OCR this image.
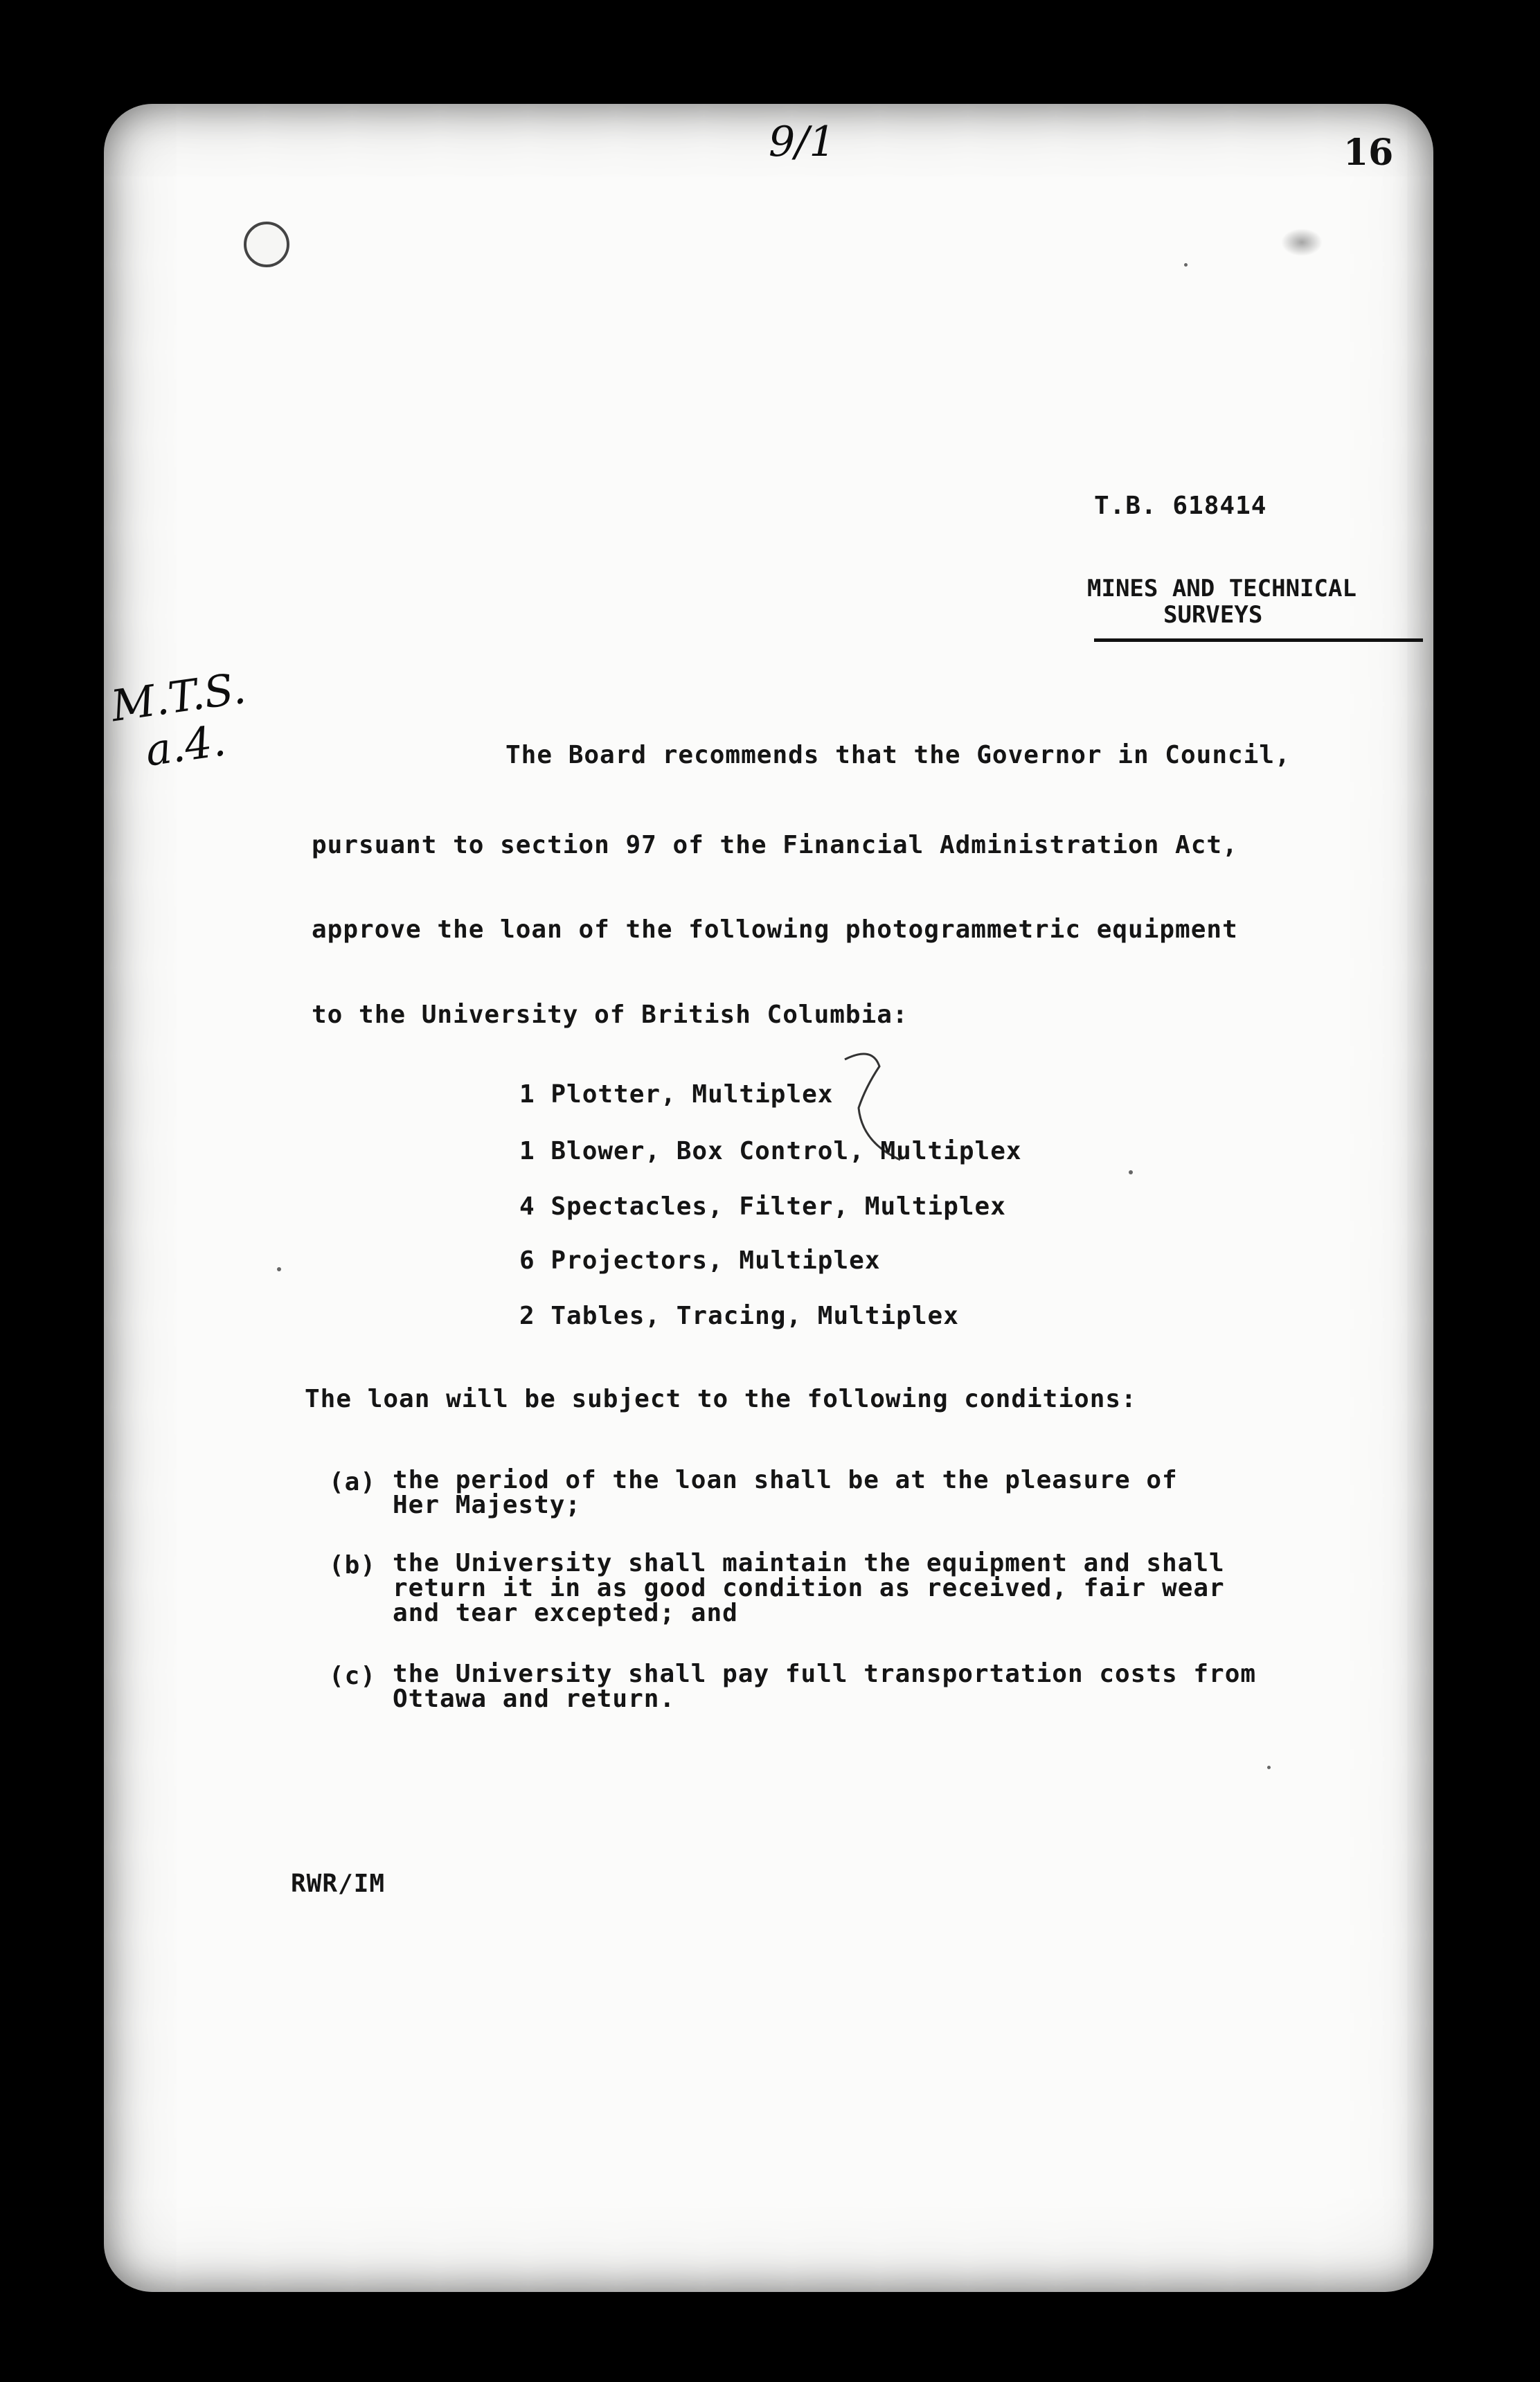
9/1	16
T.B. 618414
MINES AND TECHNICAL
SURVEYS
M.T.S.
a.4.	The Board recommends that the Governor in Council,
pursuant to section 97 of the Financial Administration Act,
approve the loan of the following photogrammetric equipment
to the University of British Columbia:
1 Plotter, Multiplex
1 Blower, Box Control, Multiplex
4 Spectacles, Filter, Multiplex
6 Projectors, Multiplex
2 Tables, Tracing, Multiplex
The loan will be subject to the following conditions:
(a) the period of the loan shall be at the pleasure of
Her Majesty;
(b) the University shall maintain the equipment and shall
return it in as good condition as received, fair wear
and tear excepted; and
(c) the University shall pay full transportation costs from
Ottawa and return.
RWR/IM
